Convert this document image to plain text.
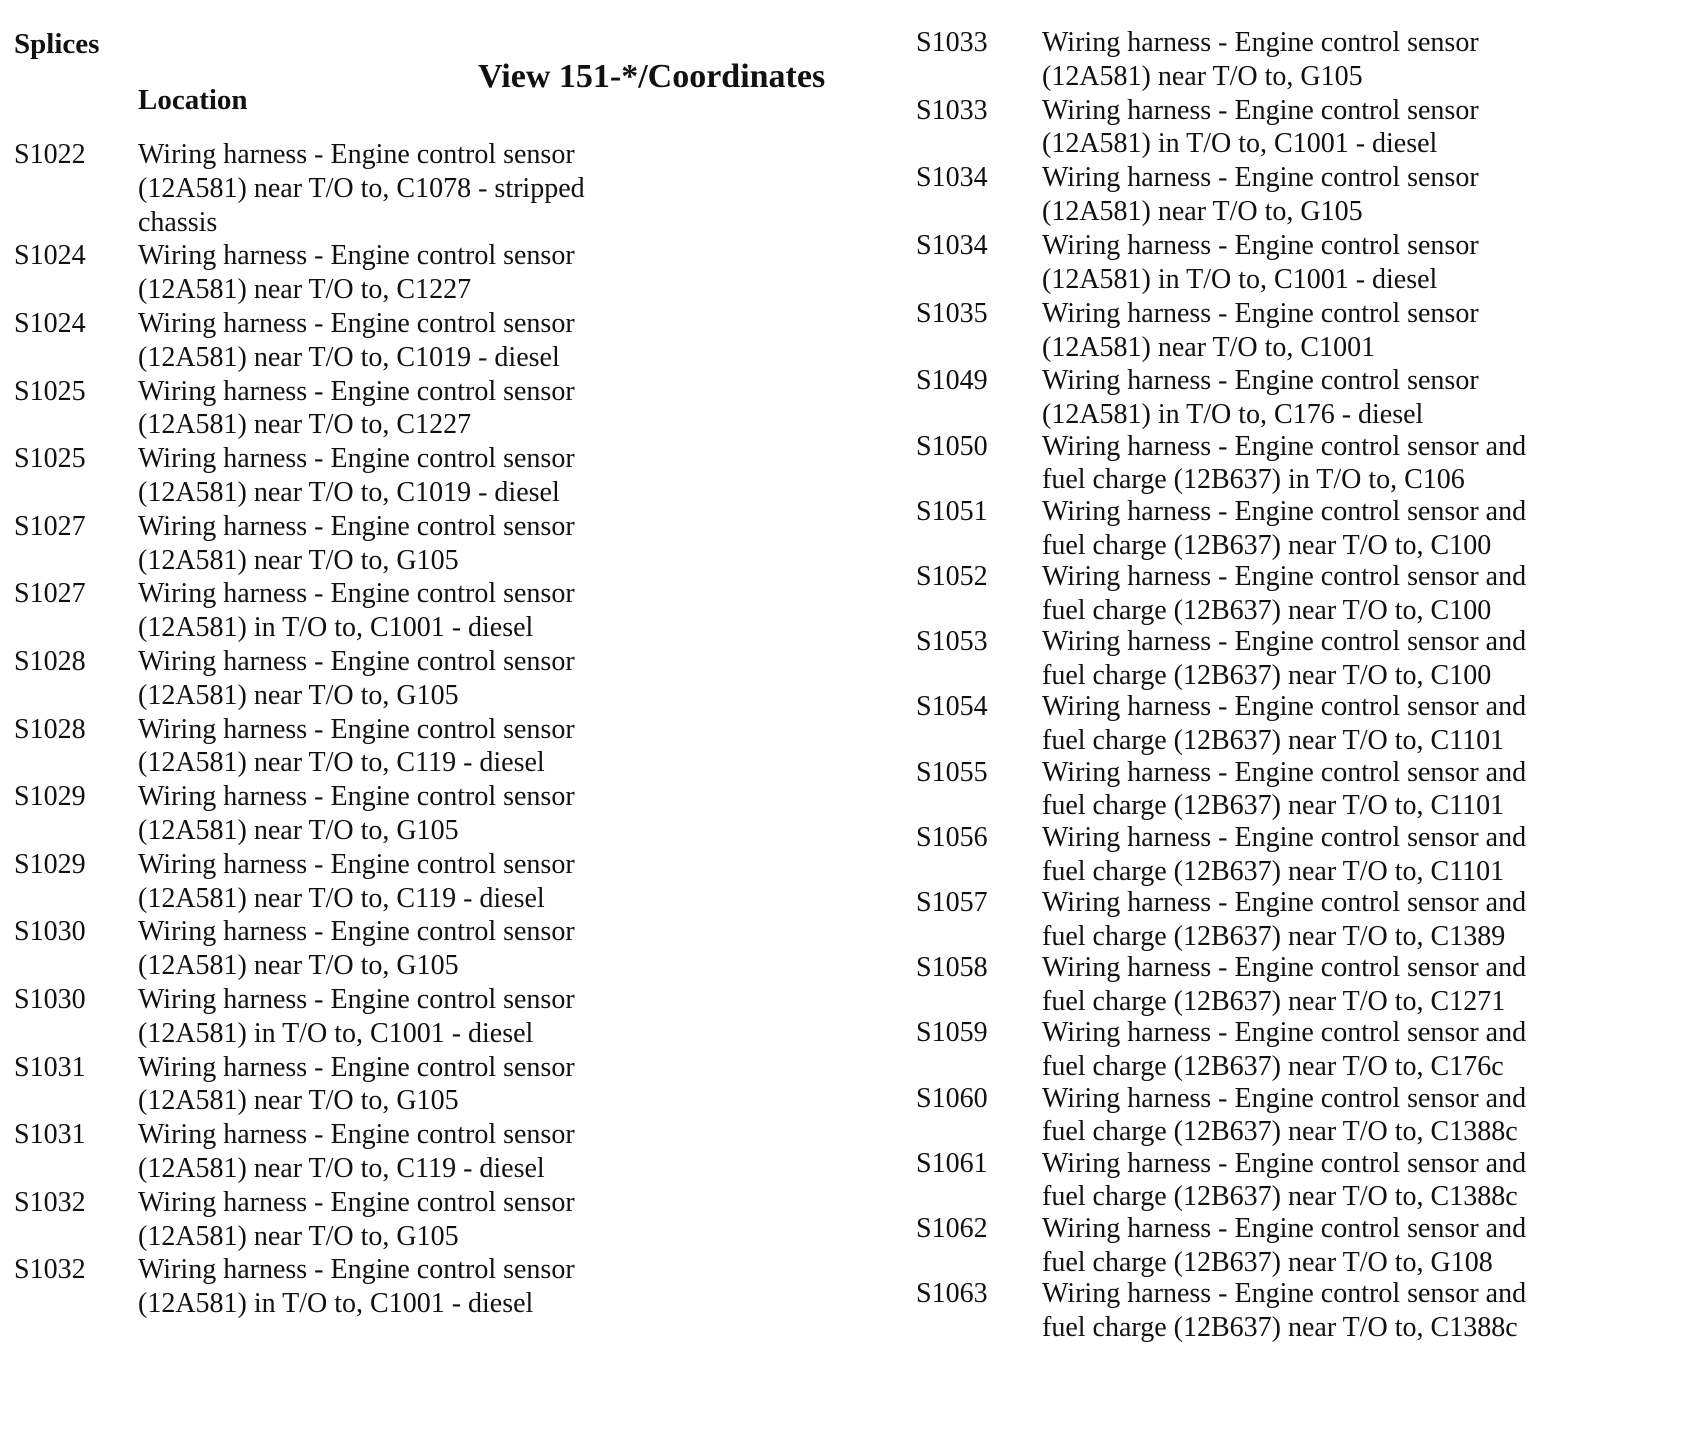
Splices
View 151-*/Coordinates
Location
S1022 Wiring harness - Engine control sensor
(12A581) near T/O to, C1078 - stripped
chassis
S1024 Wiring harness - Engine control sensor
(12A581) near T/O to, C1227
S1024 Wiring harness - Engine control sensor
(12A581) near T/O to, C1019 - diesel
S1025 Wiring harness - Engine control sensor
(12A581) near T/O to, C1227
S1025 Wiring harness - Engine control sensor
(12A581) near T/O to, C1019 - diesel
S1027 Wiring harness - Engine control sensor
(12A581) near T/O to, G105
S1027 Wiring harness - Engine control sensor
(12A581) in T/O to, C1001 - diesel
S1028 Wiring harness - Engine control sensor
(12A581) near T/O to, G105
S1028 Wiring harness - Engine control sensor
(12A581) near T/O to, C119 - diesel
S1029 Wiring harness - Engine control sensor
(12A581) near T/O to, G105
S1029 Wiring harness - Engine control sensor
(12A581) near T/O to, C119 - diesel
S1030 Wiring harness - Engine control sensor
(12A581) near T/O to, G105
S1030 Wiring harness - Engine control sensor
(12A581) in T/O to, C1001 - diesel
S1031 Wiring harness - Engine control sensor
(12A581) near T/O to, G105
S1031 Wiring harness - Engine control sensor
(12A581) near T/O to, C119 - diesel
S1032 Wiring harness - Engine control sensor
(12A581) near T/O to, G105
S1032 Wiring harness - Engine control sensor
(12A581) in T/O to, C1001 - diesel
S1033 Wiring harness - Engine control sensor
(12A581) near T/O to, G105
S1033 Wiring harness - Engine control sensor
(12A581) in T/O to, C1001 - diesel
S1034 Wiring harness - Engine control sensor
(12A581) near T/O to, G105
S1034 Wiring harness - Engine control sensor
(12A581) in T/O to, C1001 - diesel
S1035 Wiring harness - Engine control sensor
(12A581) near T/O to, C1001
S1049 Wiring harness - Engine control sensor
(12A581) in T/O to, C176 - diesel
S1050 Wiring harness - Engine control sensor and
fuel charge (12B637) in T/O to, C106
S1051 Wiring harness - Engine control sensor and
fuel charge (12B637) near T/O to, C100
S1052 Wiring harness - Engine control sensor and
fuel charge (12B637) near T/O to, C100
S1053 Wiring harness - Engine control sensor and
fuel charge (12B637) near T/O to, C100
S1054 Wiring harness - Engine control sensor and
fuel charge (12B637) near T/O to, C1101
S1055 Wiring harness - Engine control sensor and
fuel charge (12B637) near T/O to, C1101
S1056 Wiring harness - Engine control sensor and
fuel charge (12B637) near T/O to, C1101
S1057 Wiring harness - Engine control sensor and
fuel charge (12B637) near T/O to, C1389
S1058 Wiring harness - Engine control sensor and
fuel charge (12B637) near T/O to, C1271
S1059 Wiring harness - Engine control sensor and
fuel charge (12B637) near T/O to, C176c
S1060 Wiring harness - Engine control sensor and
fuel charge (12B637) near T/O to, C1388c
S1061 Wiring harness - Engine control sensor and
fuel charge (12B637) near T/O to, C1388c
S1062 Wiring harness - Engine control sensor and
fuel charge (12B637) near T/O to, G108
S1063 Wiring harness - Engine control sensor and
fuel charge (12B637) near T/O to, C1388c
